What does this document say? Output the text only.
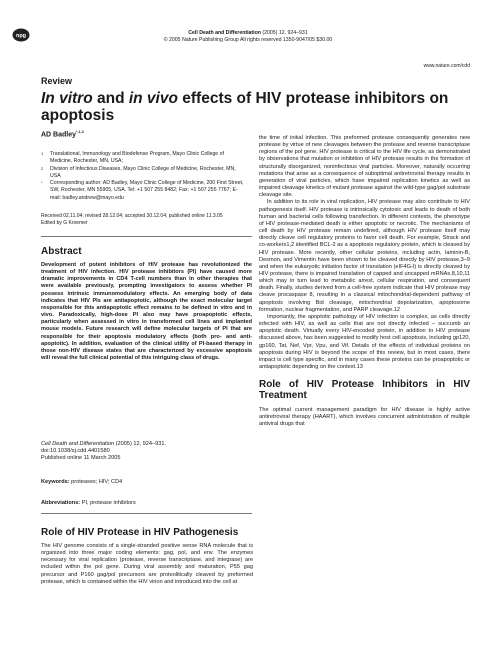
npg
Cell Death and Differentiation (2005) 12, 924–931
© 2005 Nature Publishing Group All rights reserved 1350-9047/05 $30.00
www.nature.com/cdd
Review
In vitro and in vivo effects of HIV protease inhibitors on apoptosis
AD Badley$^{*,1,2}$
1 Translational, Immunology and Biodefense Program, Mayo Clinic College of Medicine, Rochester, MN, USA;
2 Division of Infectious Diseases, Mayo Clinic College of Medicine, Rochester, MN, USA
* Corresponding author: AD Badley, Mayo Clinic College of Medicine, 200 First Street, SW, Rochester, MN 55905, USA. Tel: +1 507 255 8482; Fax: +1 507 255 7767; E-mail: badley.andrew@mayo.edu
Received 02.11.04; revised 28.12.04; accepted 30.12.04; published online 11.3.05
Edited by G Kroemer
Abstract
Development of potent inhibitors of HIV protease has revolutionized the treatment of HIV infection. HIV protease inhibitors (PI) have caused more dramatic improvements in CD4 T-cell numbers than in other therapies that were available previously, prompting investigators to assess whether PI possess intrinsic immunomodulatory effects. An emerging body of data indicates that HIV PIs are antiapoptotic, although the exact molecular target responsible for this antiapoptotic effect remains to be defined in vitro and in vivo. Paradoxically, high-dose PI also may have proapoptotic effects, particularly when assessed in vitro in transformed cell lines and implanted mouse models. Future research will define molecular targets of PI that are responsible for their apoptosis modulatory effects (both pro- and anti-apoptotic). In addition, evaluation of the clinical utility of PI-based therapy in those non-HIV disease states that are characterized by excessive apoptosis will reveal the full clinical potential of this intriguing class of drugs.
Cell Death and Differentiation (2005) 12, 924–931.
doi:10.1038/sj.cdd.4401580
Published online 11 March 2005
Keywords: proteases; HIV; CD4
Abbreviations: PI, protease inhibitors
Role of HIV Protease in HIV Pathogenesis
The HIV genome consists of a single-stranded positive sense RNA molecule that is organized into three major coding elements: gag, pol, and env. The enzymes necessary for viral replication (protease, reverse transcriptase, and integrase) are included within the pol gene. During viral assembly and maturation, P55 gag precursor and P160 gag/pol precursors are proteolitically cleaved by preformed protease, which is contained within the HIV virion and introduced into the cell at

the time of initial infection. This preformed protease consequently generates new protease by virtue of new cleavages between the protease and reverse transcriptase regions of the pol gene. HIV protease is critical to the HIV life cycle, as demonstrated by observations that mutation or inhibition of HIV protease results in the formation of structurally disorganized, noninfectious viral particles. Moreover, naturally occurring mutations that arise as a consequence of suboptimal antiretroviral therapy results in generation of viral particles, which have impaired replication kinetics as well as impaired cleavage kinetics of mutant protease against the wild-type gag/pol substrate cleavage site.

In addition to its role in viral replication, HIV protease may also contribute to HIV pathogenesis itself. HIV protease is intrinsically cytotoxic and leads to death of both human and bacterial cells following transfection. In different contexts, the phenotype of HIV protease-mediated death is either apoptotic or necrotic. The mechanisms of cell death by HIV protease remain undefined, although HIV protease itself may directly cleave cell regulatory proteins to favor cell death. For example, Strack and co-workers1,2 identified BCL-2 as a apoptosis regulatory protein, which is cleaved by HIV protease. More recently, other cellular proteins, including actin, laminin-B, Desmon, and Vimentin have been shown to be cleaved directly by HIV protease,3–9 and when the eukaryotic initiation factor of translation (eIF4G-I) is directly cleaved by HIV protease, there is impaired translation of capped and uncapped mRNAs,8,10,11 which may in turn lead to metabolic arrest, cellular respiration, and consequent death. Finally, studies derived from a cell-free system indicate that HIV protease may cleave procaspase 8, resulting in a classical mitochondrial-dependent pathway of apoptosis involving Bid cleavage, mitochondrial depolarization, apoptosome formation, nuclear fragmentation, and PARP cleavage.12

Importantly, the apoptotic pathology of HIV infection is complex, as cells directly infected with HIV, as well as cells that are not directly infected – succumb an apoptotic death. Virtually every HIV-encoded protein, in addition to HIV protease discussed above, has been suggested to modify host cell apoptosis, including gp120, gp160, Tat, Nef, Vpr, Vpu, and Vif. Details of the effects of individual proteins on apoptosis during HIV is beyond the scope of this review, but in most cases, there impact is cell type specific, and in many cases these proteins can be proapoptotic or antiapoptotic depending on the context.13

Role of HIV Protease Inhibitors in HIV Treatment

The optimal current management paradigm for HIV disease is highly active antiretroviral therapy (HAART), which involves concurrent administration of multiple antiviral drugs that
